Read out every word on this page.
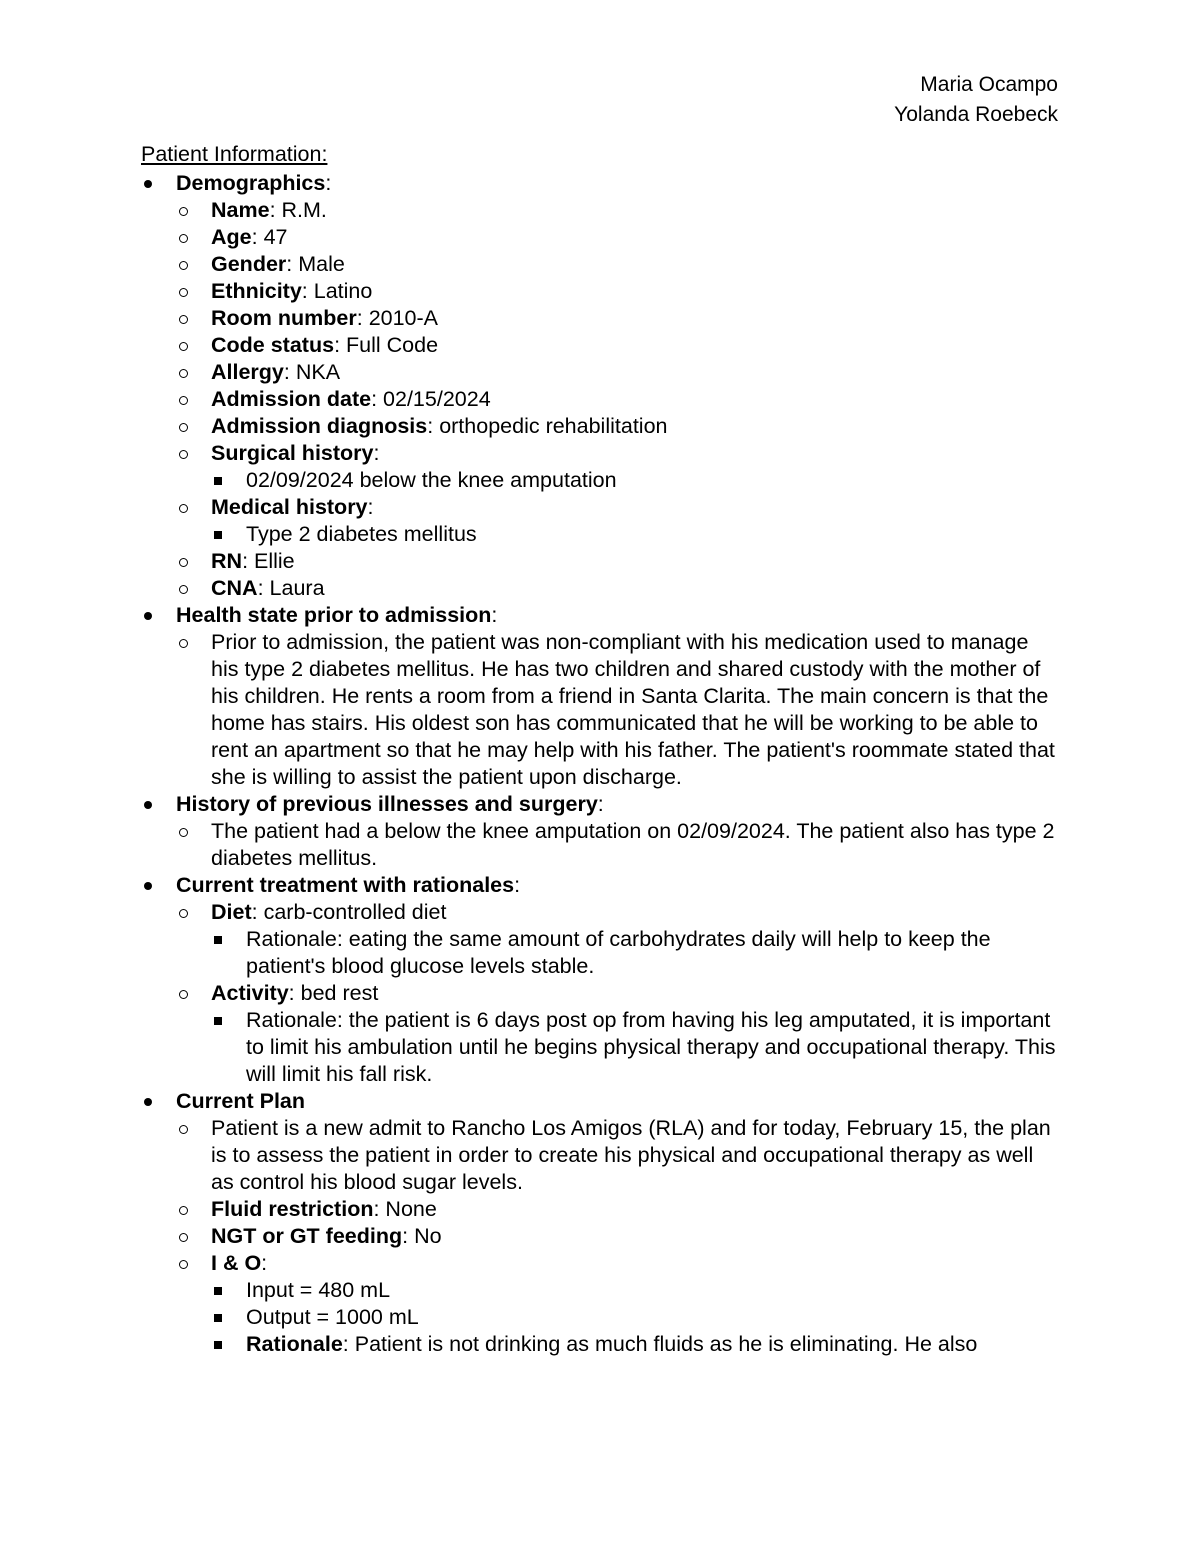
Maria Ocampo
Yolanda Roebeck
Patient Information:
Demographics:
Name: R.M.
Age: 47
Gender: Male
Ethnicity: Latino
Room number: 2010-A
Code status: Full Code
Allergy: NKA
Admission date: 02/15/2024
Admission diagnosis: orthopedic rehabilitation
Surgical history:
02/09/2024 below the knee amputation
Medical history:
Type 2 diabetes mellitus
RN: Ellie
CNA: Laura
Health state prior to admission:
Prior to admission, the patient was non-compliant with his medication used to manage his type 2 diabetes mellitus. He has two children and shared custody with the mother of his children. He rents a room from a friend in Santa Clarita. The main concern is that the home has stairs. His oldest son has communicated that he will be working to be able to rent an apartment so that he may help with his father. The patient's roommate stated that she is willing to assist the patient upon discharge.
History of previous illnesses and surgery:
The patient had a below the knee amputation on 02/09/2024. The patient also has type 2 diabetes mellitus.
Current treatment with rationales:
Diet: carb-controlled diet
Rationale: eating the same amount of carbohydrates daily will help to keep the patient's blood glucose levels stable.
Activity: bed rest
Rationale: the patient is 6 days post op from having his leg amputated, it is important to limit his ambulation until he begins physical therapy and occupational therapy. This will limit his fall risk.
Current Plan
Patient is a new admit to Rancho Los Amigos (RLA) and for today, February 15, the plan is to assess the patient in order to create his physical and occupational therapy as well as control his blood sugar levels.
Fluid restriction: None
NGT or GT feeding: No
I & O:
Input = 480 mL
Output = 1000 mL
Rationale: Patient is not drinking as much fluids as he is eliminating. He also
